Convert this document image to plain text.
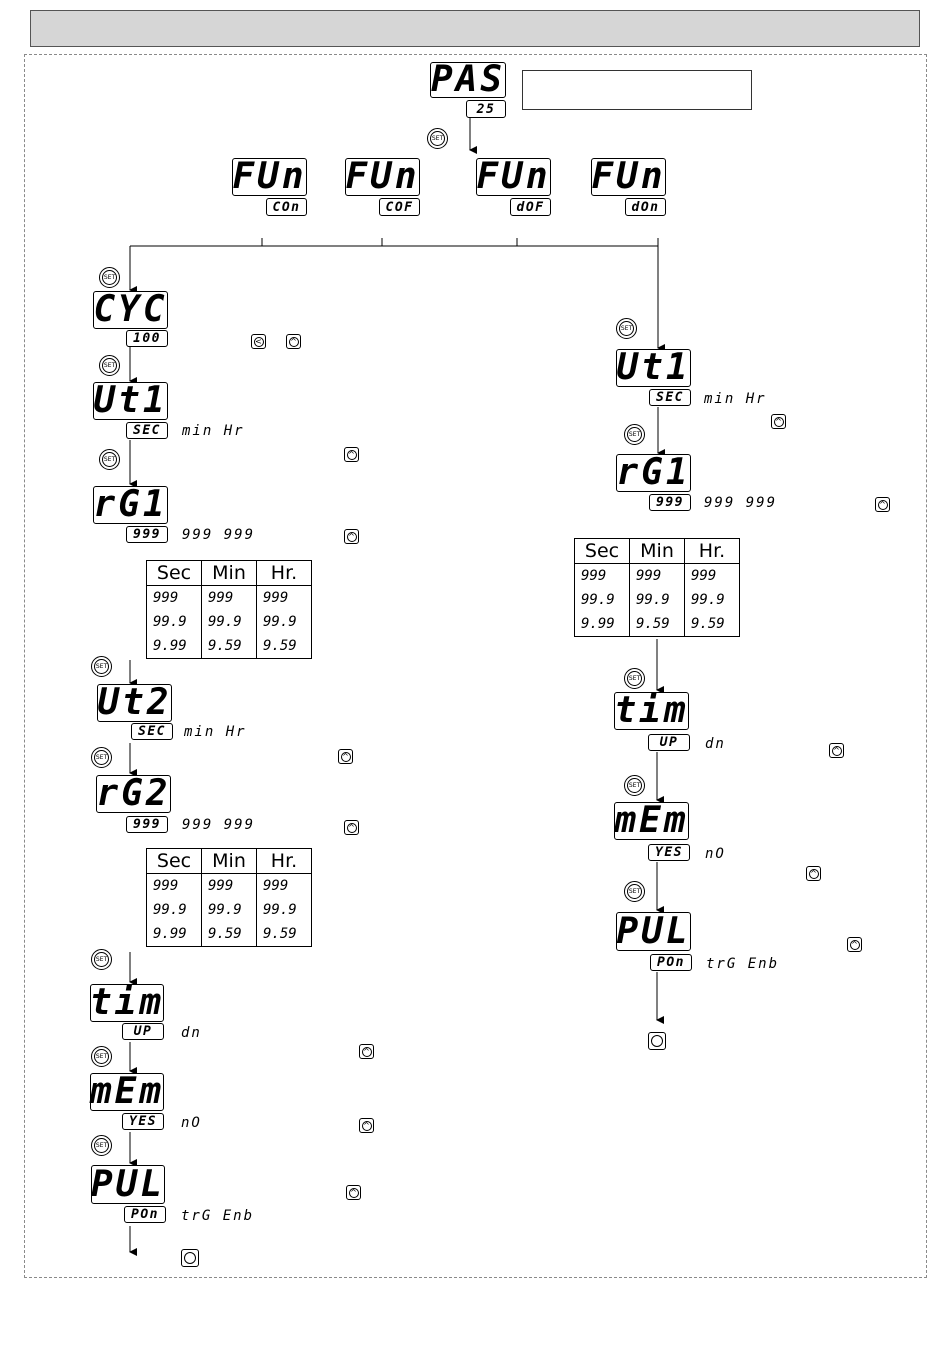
PAS
25
SET
FUn
COn
FUn
COF
FUn
dOF
FUn
dOn
SET
CYC
100	<	^
SET
Ut1
SEC	min Hr
SET
^
rG1
999	999 999	^
Sec	Min	Hr.
999	999	999
99.9	99.9	99.9
9.99	9.59	9.59
SET
Ut2
SEC	min Hr
SET	^
rG2
999	999 999	^
Sec	Min	Hr.
999	999	999
99.9	99.9	99.9
9.99	9.59	9.59
SET
tim
UP	dn
SET
^
mEm
YES	nO	^
SET
PUL
POn	trG Enb
^
SET
Ut1
SEC	min Hr
^
SET
rG1
999	999 999	^
Sec	Min	Hr.
999	999	999
99.9	99.9	99.9
9.99	9.59	9.59
SET
tim
UP	dn	^
SET
mEm
YES	nO
^
SET
PUL
POn	trG Enb
^
